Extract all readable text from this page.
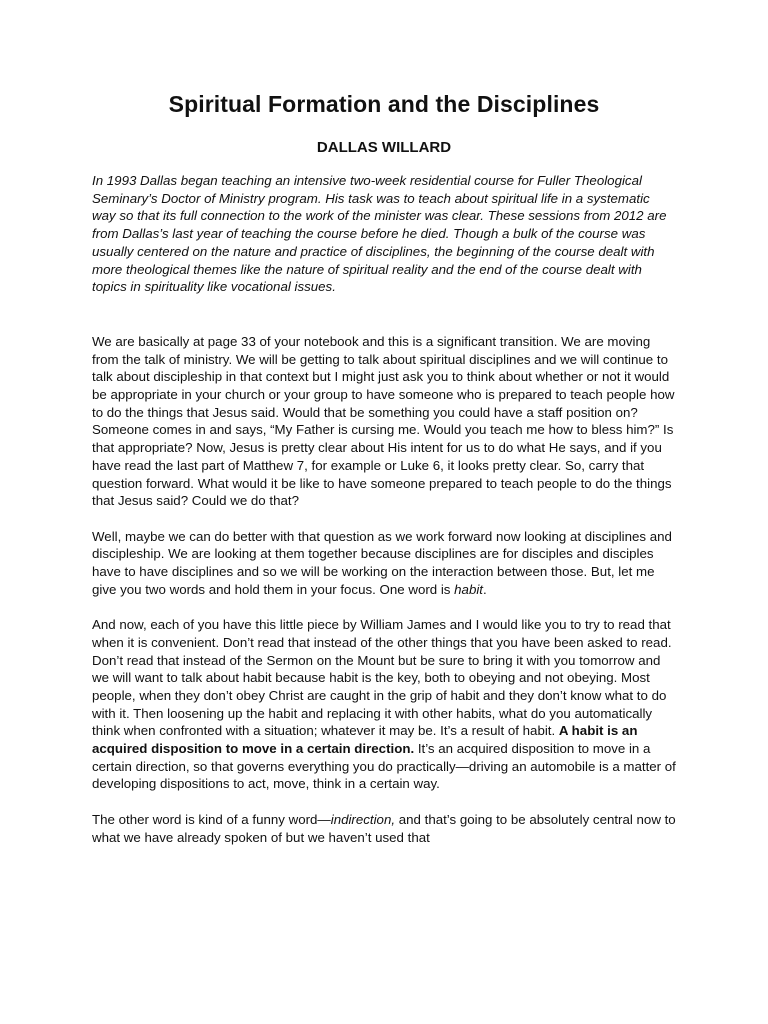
Spiritual Formation and the Disciplines
DALLAS WILLARD

In 1993 Dallas began teaching an intensive two-week residential course for Fuller Theological Seminary’s Doctor of Ministry program. His task was to teach about spiritual life in a systematic way so that its full connection to the work of the minister was clear. These sessions from 2012 are from Dallas’s last year of teaching the course before he died. Though a bulk of the course was usually centered on the nature and practice of disciplines, the beginning of the course dealt with more theological themes like the nature of spiritual reality and the end of the course dealt with topics in spirituality like vocational issues.

We are basically at page 33 of your notebook and this is a significant transition. We are moving from the talk of ministry. We will be getting to talk about spiritual disciplines and we will continue to talk about discipleship in that context but I might just ask you to think about whether or not it would be appropriate in your church or your group to have someone who is prepared to teach people how to do the things that Jesus said. Would that be something you could have a staff position on? Someone comes in and says, “My Father is cursing me. Would you teach me how to bless him?” Is that appropriate? Now, Jesus is pretty clear about His intent for us to do what He says, and if you have read the last part of Matthew 7, for example or Luke 6, it looks pretty clear. So, carry that question forward. What would it be like to have someone prepared to teach people to do the things that Jesus said? Could we do that?

Well, maybe we can do better with that question as we work forward now looking at disciplines and discipleship. We are looking at them together because disciplines are for disciples and disciples have to have disciplines and so we will be working on the interaction between those. But, let me give you two words and hold them in your focus. One word is habit.

And now, each of you have this little piece by William James and I would like you to try to read that when it is convenient. Don’t read that instead of the other things that you have been asked to read. Don’t read that instead of the Sermon on the Mount but be sure to bring it with you tomorrow and we will want to talk about habit because habit is the key, both to obeying and not obeying. Most people, when they don’t obey Christ are caught in the grip of habit and they don’t know what to do with it. Then loosening up the habit and replacing it with other habits, what do you automatically think when confronted with a situation; whatever it may be. It’s a result of habit. A habit is an acquired disposition to move in a certain direction. It’s an acquired disposition to move in a certain direction, so that governs everything you do practically—driving an automobile is a matter of developing dispositions to act, move, think in a certain way.

The other word is kind of a funny word—indirection, and that’s going to be absolutely central now to what we have already spoken of but we haven’t used that
